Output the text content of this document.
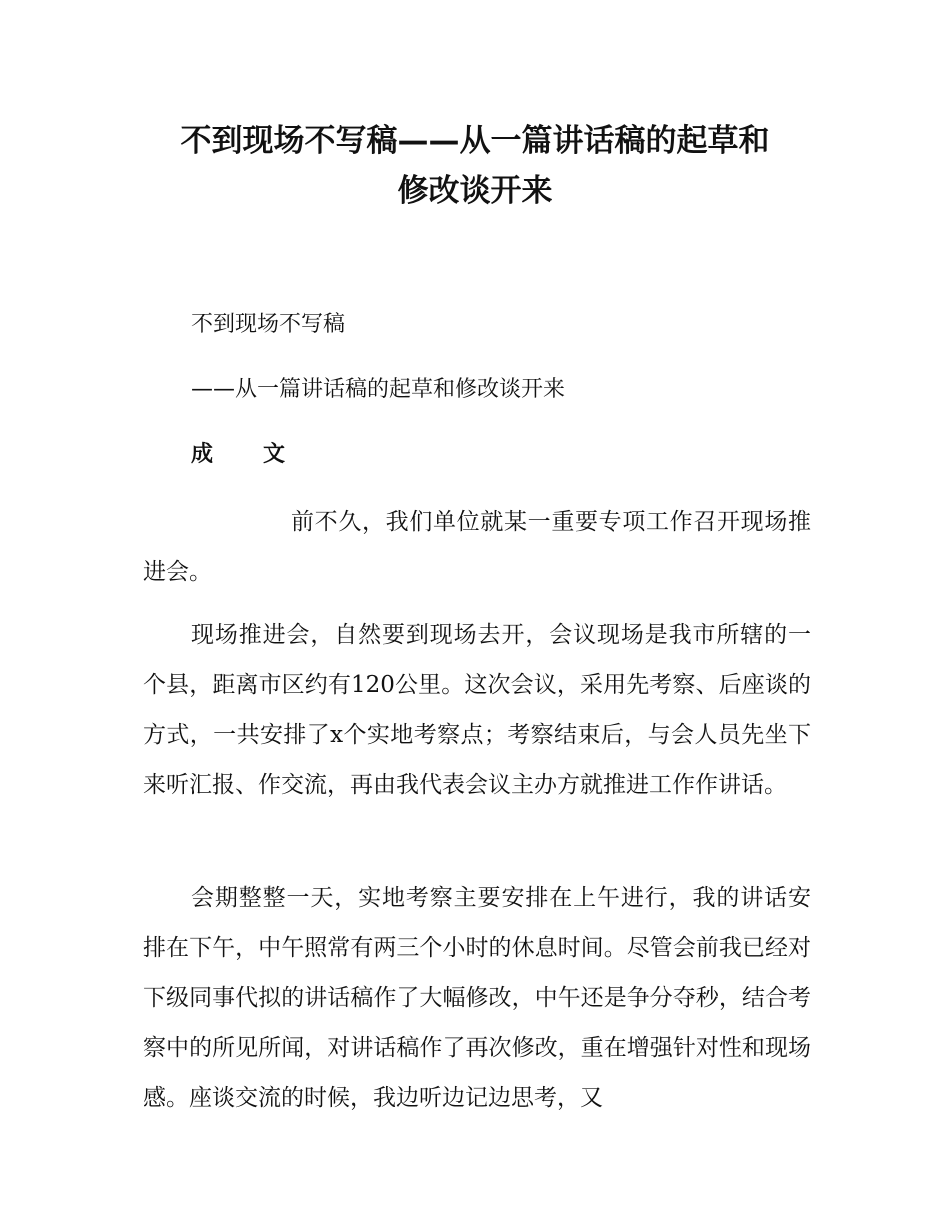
不到现场不写稿——从一篇讲话稿的起草和
修改谈开来
不到现场不写稿
——从一篇讲话稿的起草和修改谈开来
成 文
前不久，我们单位就某一重要专项工作召开现场推进会。
现场推进会，自然要到现场去开，会议现场是我市所辖的一个县，距离市区约有120公里。这次会议，采用先考察、后座谈的方式，一共安排了x个实地考察点；考察结束后，与会人员先坐下来听汇报、作交流，再由我代表会议主办方就推进工作作讲话。
会期整整一天，实地考察主要安排在上午进行，我的讲话安排在下午，中午照常有两三个小时的休息时间。尽管会前我已经对下级同事代拟的讲话稿作了大幅修改，中午还是争分夺秒，结合考察中的所见所闻，对讲话稿作了再次修改，重在增强针对性和现场感。座谈交流的时候，我边听边记边思考，又
